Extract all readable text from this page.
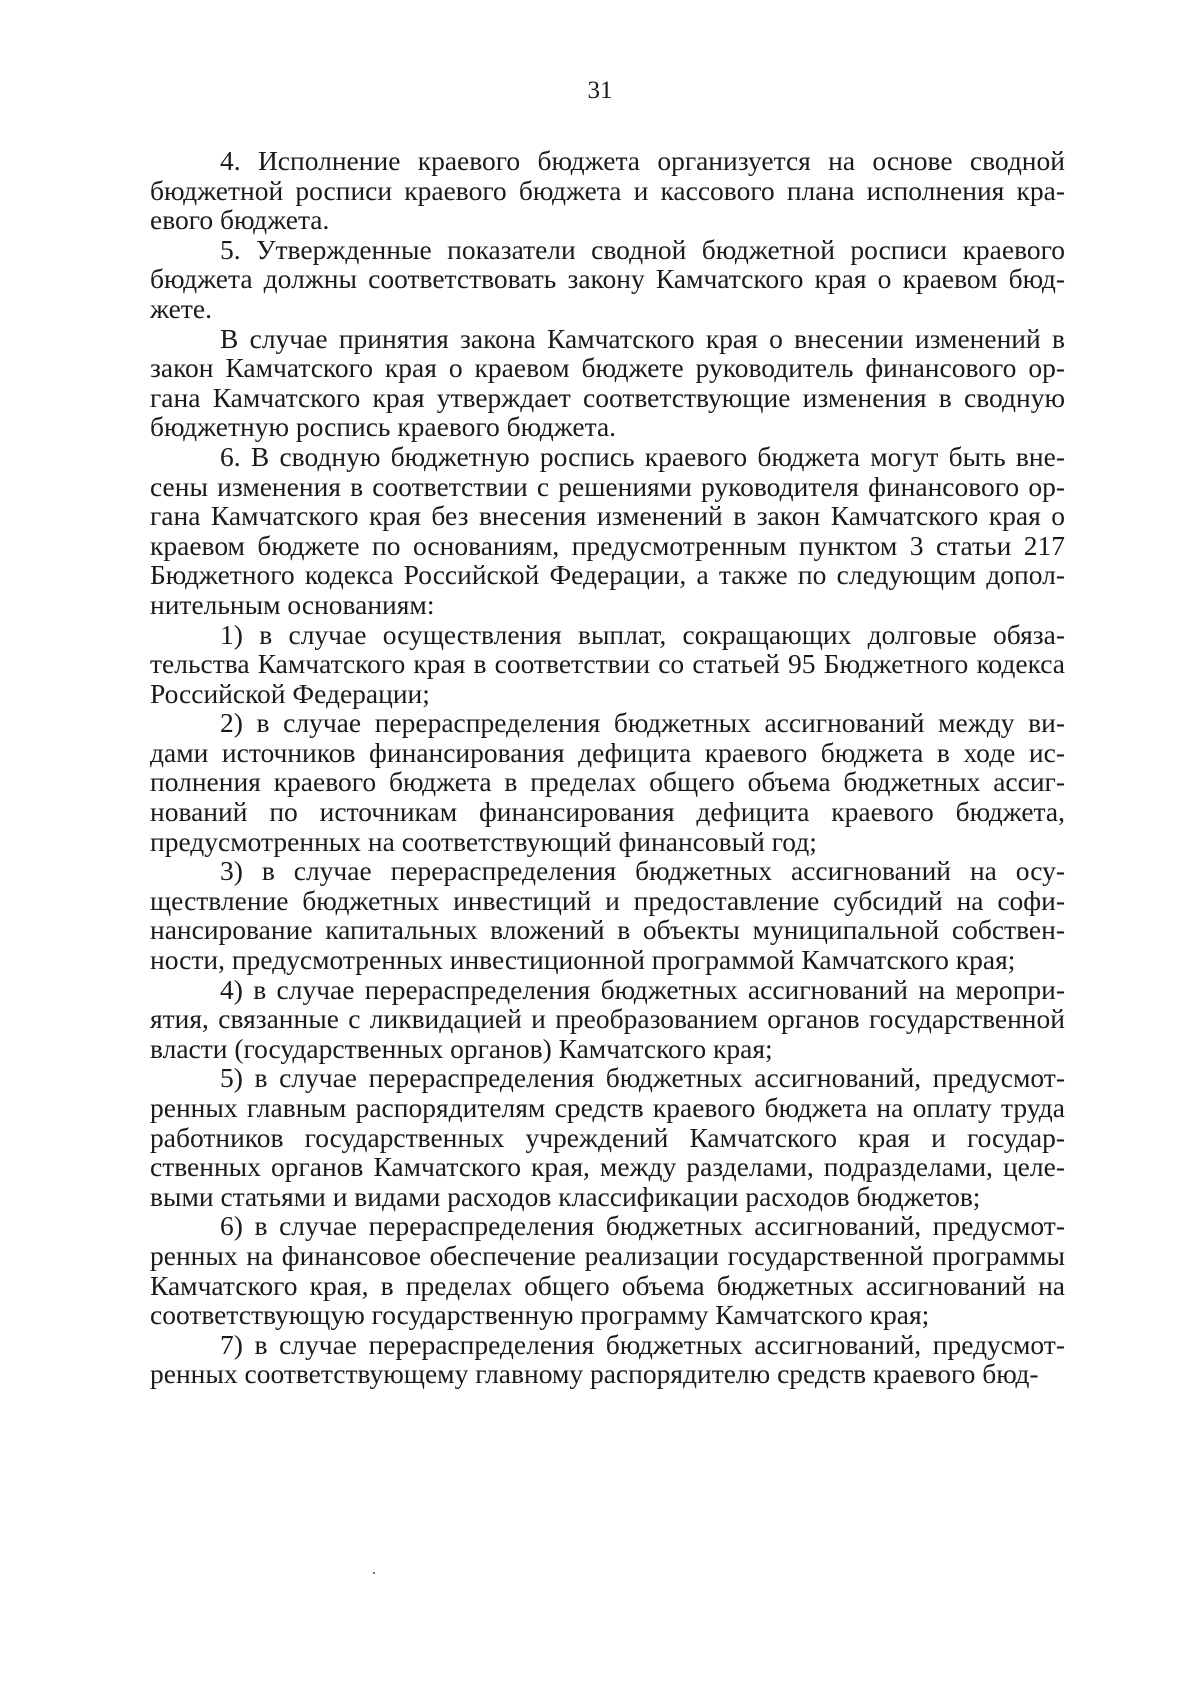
31

4. Исполнение краевого бюджета организуется на основе сводной бюджетной росписи краевого бюджета и кассового плана исполнения краевого бюджета.

5. Утвержденные показатели сводной бюджетной росписи краевого бюджета должны соответствовать закону Камчатского края о краевом бюджете.

В случае принятия закона Камчатского края о внесении изменений в закон Камчатского края о краевом бюджете руководитель финансового органа Камчатского края утверждает соответствующие изменения в сводную бюджетную роспись краевого бюджета.

6. В сводную бюджетную роспись краевого бюджета могут быть внесены изменения в соответствии с решениями руководителя финансового органа Камчатского края без внесения изменений в закон Камчатского края о краевом бюджете по основаниям, предусмотренным пунктом 3 статьи 217 Бюджетного кодекса Российской Федерации, а также по следующим дополнительным основаниям:

1) в случае осуществления выплат, сокращающих долговые обязательства Камчатского края в соответствии со статьей 95 Бюджетного кодекса Российской Федерации;

2) в случае перераспределения бюджетных ассигнований между видами источников финансирования дефицита краевого бюджета в ходе исполнения краевого бюджета в пределах общего объема бюджетных ассигнований по источникам финансирования дефицита краевого бюджета, предусмотренных на соответствующий финансовый год;

3) в случае перераспределения бюджетных ассигнований на осуществление бюджетных инвестиций и предоставление субсидий на софинансирование капитальных вложений в объекты муниципальной собственности, предусмотренных инвестиционной программой Камчатского края;

4) в случае перераспределения бюджетных ассигнований на мероприятия, связанные с ликвидацией и преобразованием органов государственной власти (государственных органов) Камчатского края;

5) в случае перераспределения бюджетных ассигнований, предусмотренных главным распорядителям средств краевого бюджета на оплату труда работников государственных учреждений Камчатского края и государственных органов Камчатского края, между разделами, подразделами, целевыми статьями и видами расходов классификации расходов бюджетов;

6) в случае перераспределения бюджетных ассигнований, предусмотренных на финансовое обеспечение реализации государственной программы Камчатского края, в пределах общего объема бюджетных ассигнований на соответствующую государственную программу Камчатского края;

7) в случае перераспределения бюджетных ассигнований, предусмотренных соответствующему главному распорядителю средств краевого бюд-
